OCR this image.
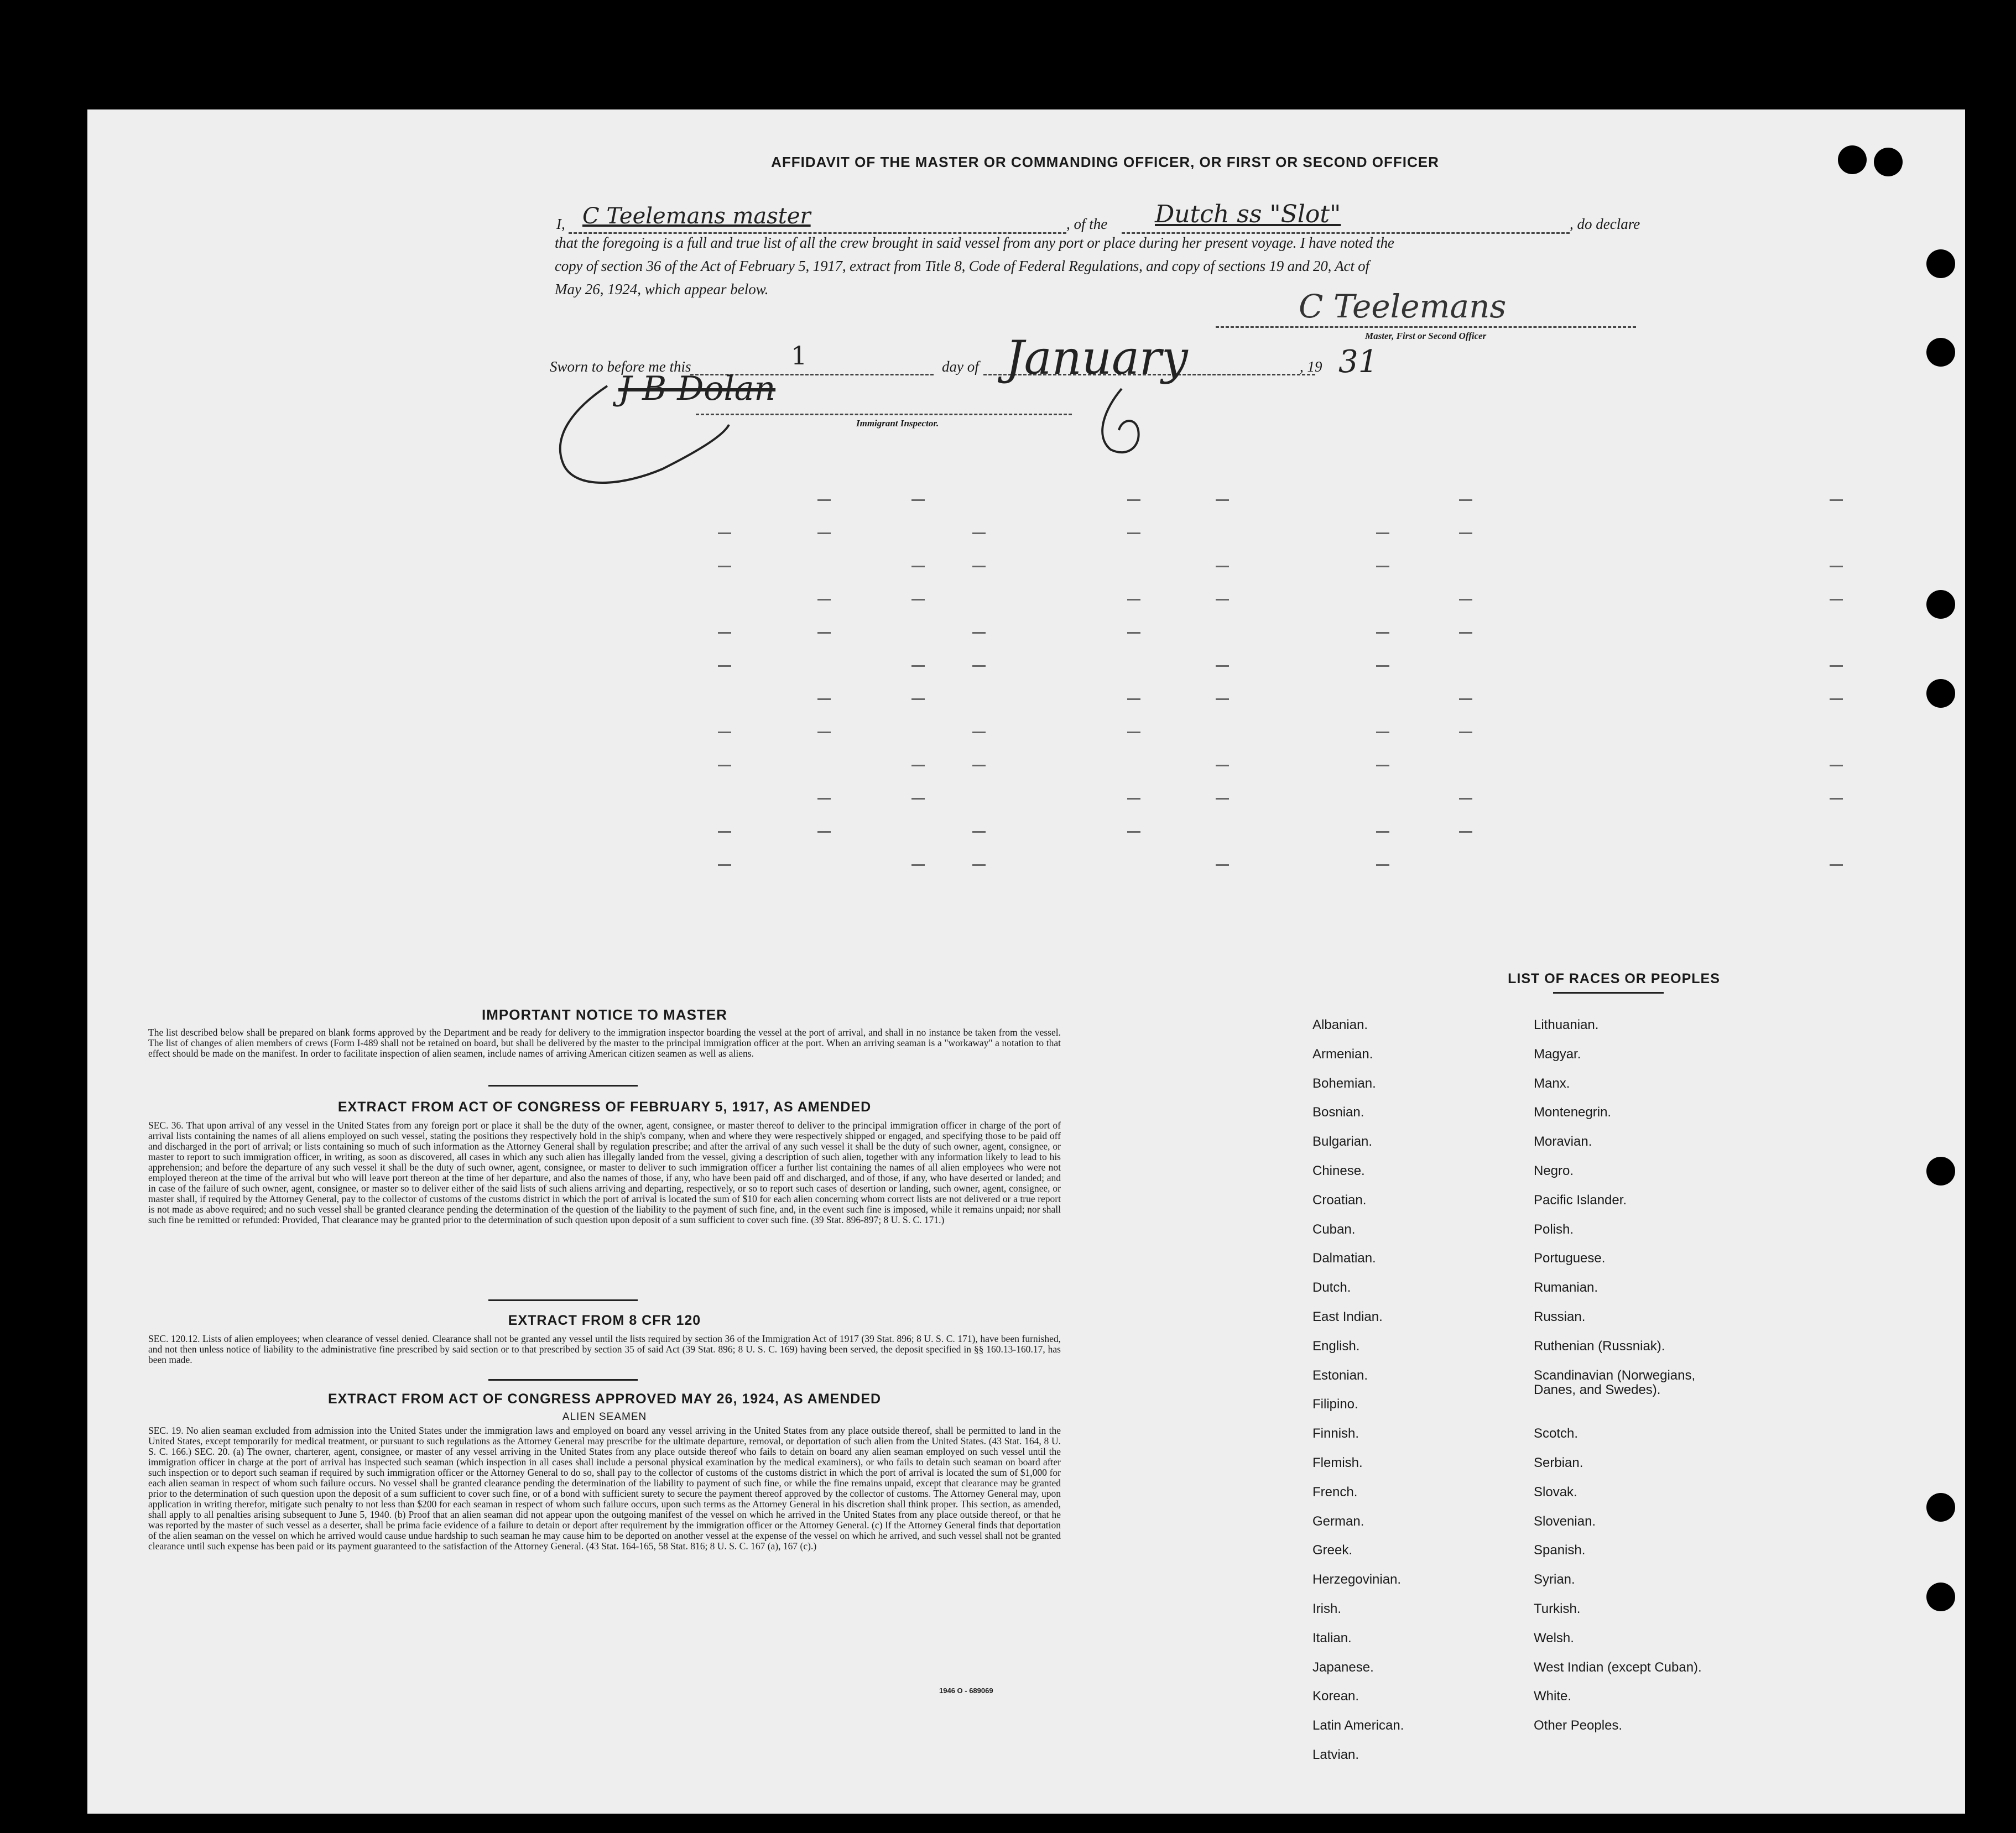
AFFIDAVIT OF THE MASTER OR COMMANDING OFFICER, OR FIRST OR SECOND OFFICER
I, C Teelemans master	, of the Dutch ss "Slot"	, do declare
that the foregoing is a full and true list of all the crew brought in said vessel from any port or place during her present voyage. I have noted the
copy of section 36 of the Act of February 5, 1917, extract from Title 8, Code of Federal Regulations, and copy of sections 19 and 20, Act of
May 26, 1924, which appear below.	C Teelemans
Master, First or Second Officer
Sworn to before me this	1	day of January	, 19 31
J B Dolan
Immigrant Inspector.
IMPORTANT NOTICE TO MASTER
The list described below shall be prepared on blank forms approved by the Department and be ready for delivery to the immigration inspector boarding the vessel at the port of arrival, and shall in no instance be taken from the vessel. The list of changes of alien members of crews (Form I-489 shall not be retained on board, but shall be delivered by the master to the principal immigration officer at the port. When an arriving seaman is a "workaway" a notation to that effect should be made on the manifest. In order to facilitate inspection of alien seamen, include names of arriving American citizen seamen as well as aliens.
EXTRACT FROM ACT OF CONGRESS OF FEBRUARY 5, 1917, AS AMENDED
SEC. 36. That upon arrival of any vessel in the United States from any foreign port or place it shall be the duty of the owner, agent, consignee, or master thereof to deliver to the principal immigration officer in charge of the port of arrival lists containing the names of all aliens employed on such vessel, stating the positions they respectively hold in the ship's company, when and where they were respectively shipped or engaged, and specifying those to be paid off and discharged in the port of arrival; or lists containing so much of such information as the Attorney General shall by regulation prescribe; and after the arrival of any such vessel it shall be the duty of such owner, agent, consignee, or master to report to such immigration officer, in writing, as soon as discovered, all cases in which any such alien has illegally landed from the vessel, giving a description of such alien, together with any information likely to lead to his apprehension; and before the departure of any such vessel it shall be the duty of such owner, agent, consignee, or master to deliver to such immigration officer a further list containing the names of all alien employees who were not employed thereon at the time of the arrival but who will leave port thereon at the time of her departure, and also the names of those, if any, who have been paid off and discharged, and of those, if any, who have deserted or landed; and in case of the failure of such owner, agent, consignee, or master so to deliver either of the said lists of such aliens arriving and departing, respectively, or so to report such cases of desertion or landing, such owner, agent, consignee, or master shall, if required by the Attorney General, pay to the collector of customs of the customs district in which the port of arrival is located the sum of $10 for each alien concerning whom correct lists are not delivered or a true report is not made as above required; and no such vessel shall be granted clearance pending the determination of the question of the liability to the payment of such fine, and, in the event such fine is imposed, while it remains unpaid; nor shall such fine be remitted or refunded: Provided, That clearance may be granted prior to the determination of such question upon deposit of a sum sufficient to cover such fine. (39 Stat. 896-897; 8 U. S. C. 171.)
EXTRACT FROM 8 CFR 120
SEC. 120.12. Lists of alien employees; when clearance of vessel denied. Clearance shall not be granted any vessel until the lists required by section 36 of the Immigration Act of 1917 (39 Stat. 896; 8 U. S. C. 171), have been furnished, and not then unless notice of liability to the administrative fine prescribed by said section or to that prescribed by section 35 of said Act (39 Stat. 896; 8 U. S. C. 169) having been served, the deposit specified in §§ 160.13-160.17, has been made.
EXTRACT FROM ACT OF CONGRESS APPROVED MAY 26, 1924, AS AMENDED
ALIEN SEAMEN
SEC. 19. No alien seaman excluded from admission into the United States under the immigration laws and employed on board any vessel arriving in the United States from any place outside thereof, shall be permitted to land in the United States, except temporarily for medical treatment, or pursuant to such regulations as the Attorney General may prescribe for the ultimate departure, removal, or deportation of such alien from the United States. (43 Stat. 164, 8 U. S. C. 166.) SEC. 20. (a) The owner, charterer, agent, consignee, or master of any vessel arriving in the United States from any place outside thereof who fails to detain on board any alien seaman employed on such vessel until the immigration officer in charge at the port of arrival has inspected such seaman (which inspection in all cases shall include a personal physical examination by the medical examiners), or who fails to detain such seaman on board after such inspection or to deport such seaman if required by such immigration officer or the Attorney General to do so, shall pay to the collector of customs of the customs district in which the port of arrival is located the sum of $1,000 for each alien seaman in respect of whom such failure occurs. No vessel shall be granted clearance pending the determination of the liability to payment of such fine, or while the fine remains unpaid, except that clearance may be granted prior to the determination of such question upon the deposit of a sum sufficient to cover such fine, or of a bond with sufficient surety to secure the payment thereof approved by the collector of customs. The Attorney General may, upon application in writing therefor, mitigate such penalty to not less than $200 for each seaman in respect of whom such failure occurs, upon such terms as the Attorney General in his discretion shall think proper. This section, as amended, shall apply to all penalties arising subsequent to June 5, 1940. (b) Proof that an alien seaman did not appear upon the outgoing manifest of the vessel on which he arrived in the United States from any place outside thereof, or that he was reported by the master of such vessel as a deserter, shall be prima facie evidence of a failure to detain or deport after requirement by the immigration officer or the Attorney General. (c) If the Attorney General finds that deportation of the alien seaman on the vessel on which he arrived would cause undue hardship to such seaman he may cause him to be deported on another vessel at the expense of the vessel on which he arrived, and such vessel shall not be granted clearance until such expense has been paid or its payment guaranteed to the satisfaction of the Attorney General. (43 Stat. 164-165, 58 Stat. 816; 8 U. S. C. 167 (a), 167 (c).)
1946 O - 689069
LIST OF RACES OR PEOPLES
Albanian.
Armenian.
Bohemian.
Bosnian.
Bulgarian.
Chinese.
Croatian.
Cuban.
Dalmatian.
Dutch.
East Indian.
English.
Estonian.
Filipino.
Finnish.
Flemish.
French.
German.
Greek.
Herzegovinian.
Irish.
Italian.
Japanese.
Korean.
Latin American.
Latvian.
Lithuanian.
Magyar.
Manx.
Montenegrin.
Moravian.
Negro.
Pacific Islander.
Polish.
Portuguese.
Rumanian.
Russian.
Ruthenian (Russniak).
Scandinavian (Norwegians,
Danes, and Swedes).
Scotch.
Serbian.
Slovak.
Slovenian.
Spanish.
Syrian.
Turkish.
Welsh.
West Indian (except Cuban).
White.
Other Peoples.
